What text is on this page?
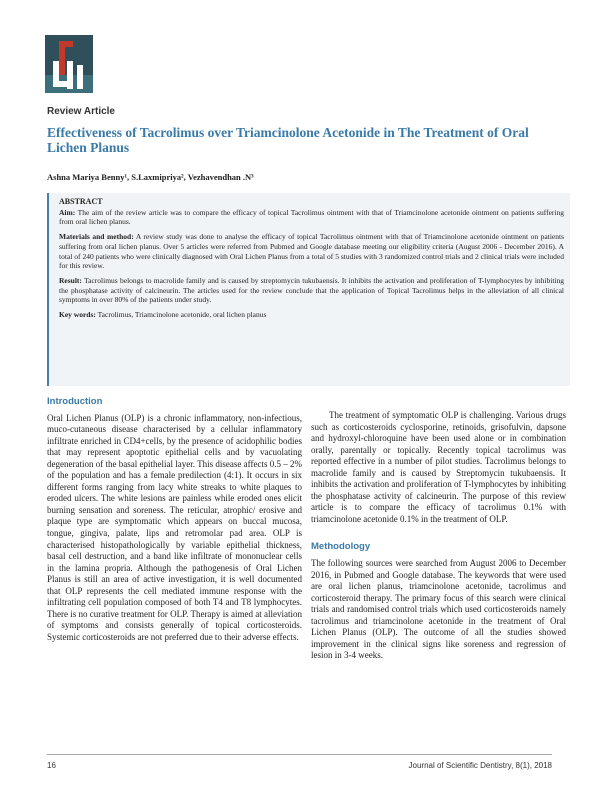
Review Article
Effectiveness of Tacrolimus over Triamcinolone Acetonide in The Treatment of Oral Lichen Planus
Ashna Mariya Benny¹, S.Laxmipriya², Vezhavendhan .N³
ABSTRACT

Aim: The aim of the review article was to compare the efficacy of topical Tacrolimus ointment with that of Triamcinolone acetonide ointment on patients suffering from oral lichen planus.

Materials and method: A review study was done to analyse the efficacy of topical Tacrolimus ointment with that of Triamcinolone acetonide ointment on patients suffering from oral lichen planus. Over 5 articles were referred from Pubmed and Google database meeting our eligibility criteria (August 2006 - December 2016). A total of 240 patients who were clinically diagnosed with Oral Lichen Planus from a total of 5 studies with 3 randomized control trials and 2 clinical trials were included for this review.

Result: Tacrolimus belongs to macrolide family and is caused by streptomycin tukubaensis. It inhibits the activation and proliferation of T-lymphocytes by inhibiting the phosphatase activity of calcineurin. The articles used for the review conclude that the application of Topical Tacrolimus helps in the alleviation of all clinical symptoms in over 80% of the patients under study.

Key words: Tacrolimus, Triamcinolone acetonide, oral lichen planus

Introduction

Oral Lichen Planus (OLP) is a chronic inflammatory, non-infectious, muco-cutaneous disease characterised by a cellular inflammatory infiltrate enriched in CD4+cells, by the presence of acidophilic bodies that may represent apoptotic epithelial cells and by vacuolating degeneration of the basal epithelial layer. This disease affects 0.5 – 2% of the population and has a female predilection (4:1). It occurs in six different forms ranging from lacy white streaks to white plaques to eroded ulcers. The white lesions are painless while eroded ones elicit burning sensation and soreness. The reticular, atrophic/ erosive and plaque type are symptomatic which appears on buccal mucosa, tongue, gingiva, palate, lips and retromolar pad area. OLP is characterised histopathologically by variable epithelial thickness, basal cell destruction, and a band like infiltrate of mononuclear cells in the lamina propria. Although the pathogenesis of Oral Lichen Planus is still an area of active investigation, it is well documented that OLP represents the cell mediated immune response with the infiltrating cell population composed of both T4 and T8 lymphocytes. There is no curative treatment for OLP. Therapy is aimed at alleviation of symptoms and consists generally of topical corticosteroids. Systemic corticosteroids are not preferred due to their adverse effects.

The treatment of symptomatic OLP is challenging. Various drugs such as corticosteroids cyclosporine, retinoids, grisofulvin, dapsone and hydroxyl-chloroquine have been used alone or in combination orally, parentally or topically. Recently topical tacrolimus was reported effective in a number of pilot studies. Tacrolimus belongs to macrolide family and is caused by Streptomycin tukubaensis. It inhibits the activation and proliferation of T-lymphocytes by inhibiting the phosphatase activity of calcineurin. The purpose of this review article is to compare the efficacy of tacrolimus 0.1% with triamcinolone acetonide 0.1% in the treatment of OLP.

Methodology

The following sources were searched from August 2006 to December 2016, in Pubmed and Google database. The keywords that were used are oral lichen planus, triamcinolone acetonide, tacrolimus and corticosteroid therapy. The primary focus of this search were clinical trials and randomised control trials which used corticosteroids namely tacrolimus and triamcinolone acetonide in the treatment of Oral Lichen Planus (OLP). The outcome of all the studies showed improvement in the clinical signs like soreness and regression of lesion in 3-4 weeks.

16	Journal of Scientific Dentistry, 8(1), 2018
